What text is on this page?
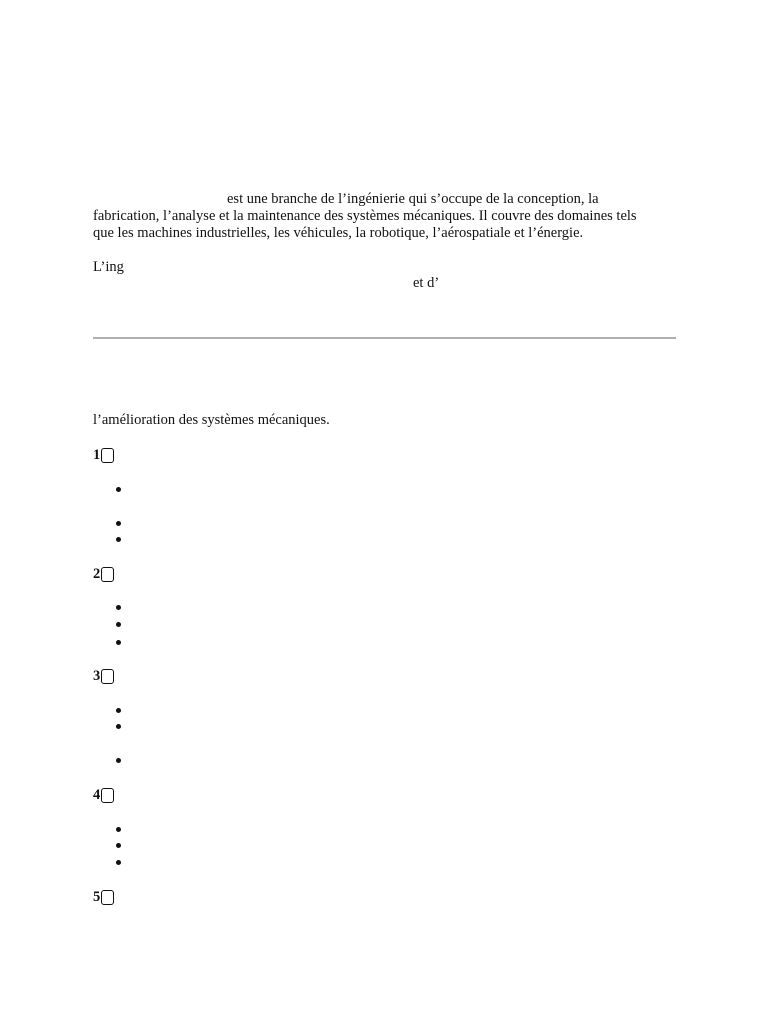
est une branche de l’ingénierie qui s’occupe de la conception, la
fabrication, l’analyse et la maintenance des systèmes mécaniques. Il couvre des domaines tels
que les machines industrielles, les véhicules, la robotique, l’aérospatiale et l’énergie.
L’ing
et d’
l’amélioration des systèmes mécaniques.
1
2
3
4
5
